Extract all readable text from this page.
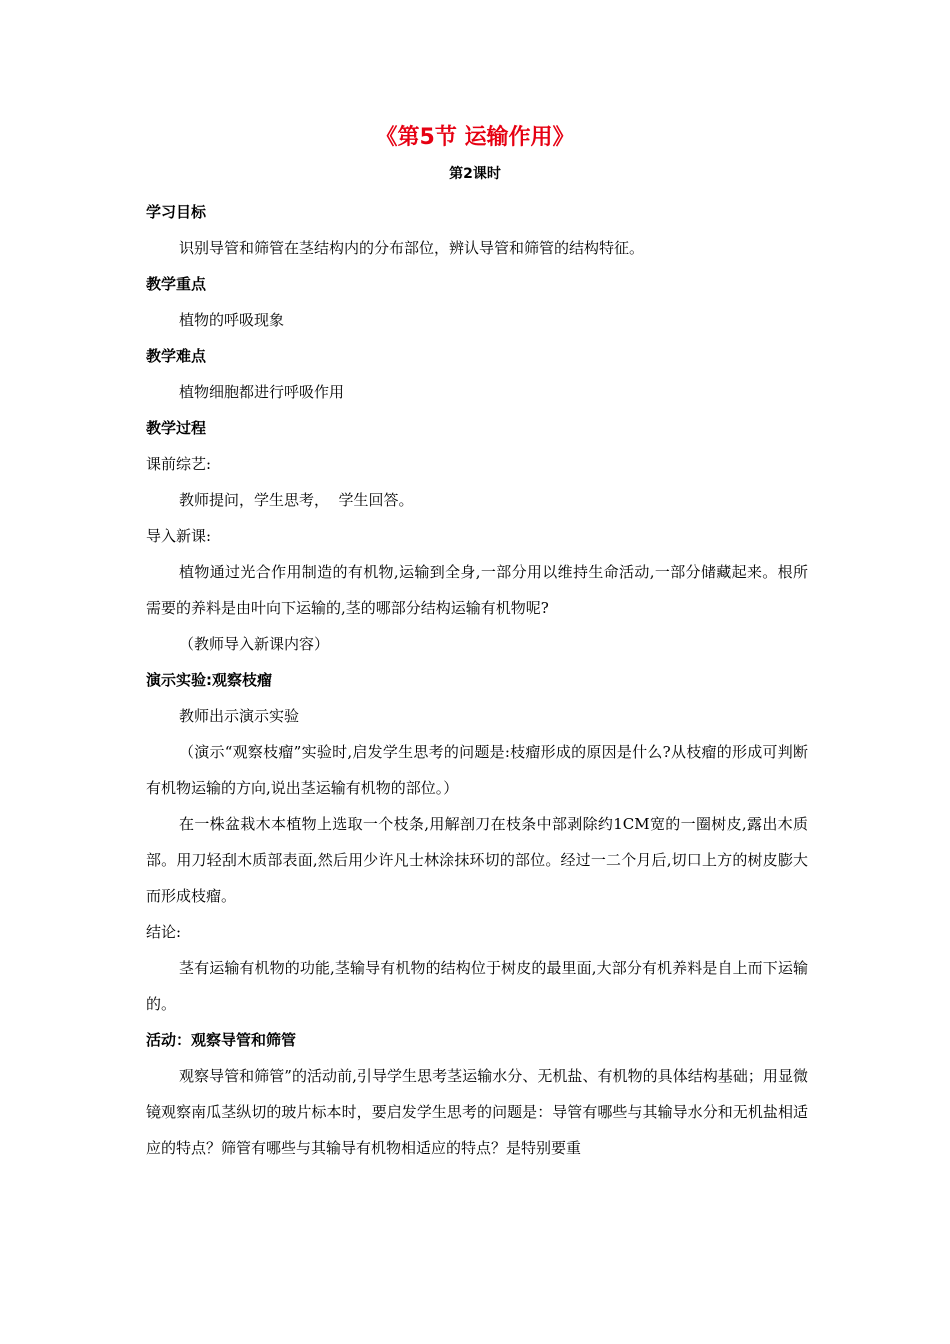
《第5节 运输作用》
第2课时

学习目标

识别导管和筛管在茎结构内的分布部位，辨认导管和筛管的结构特征。

教学重点

植物的呼吸现象

教学难点

植物细胞都进行呼吸作用

教学过程

课前综艺:

教师提问，学生思考，  学生回答。

导入新课:

植物通过光合作用制造的有机物,运输到全身,一部分用以维持生命活动,一部分储藏起来。根所需要的养料是由叶向下运输的,茎的哪部分结构运输有机物呢?

（教师导入新课内容）

演示实验:观察枝瘤

教师出示演示实验

（演示“观察枝瘤”实验时,启发学生思考的问题是:枝瘤形成的原因是什么?从枝瘤的形成可判断有机物运输的方向,说出茎运输有机物的部位。）

在一株盆栽木本植物上选取一个枝条,用解剖刀在枝条中部剥除约1CM宽的一圈树皮,露出木质部。用刀轻刮木质部表面,然后用少许凡士林涂抹环切的部位。经过一二个月后,切口上方的树皮膨大而形成枝瘤。

结论:

茎有运输有机物的功能,茎输导有机物的结构位于树皮的最里面,大部分有机养料是自上而下运输的。

活动：观察导管和筛管

观察导管和筛管”的活动前,引导学生思考茎运输水分、无机盐、有机物的具体结构基础；用显微镜观察南瓜茎纵切的玻片标本时，要启发学生思考的问题是：导管有哪些与其输导水分和无机盐相适应的特点？筛管有哪些与其输导有机物相适应的特点？是特别要重
